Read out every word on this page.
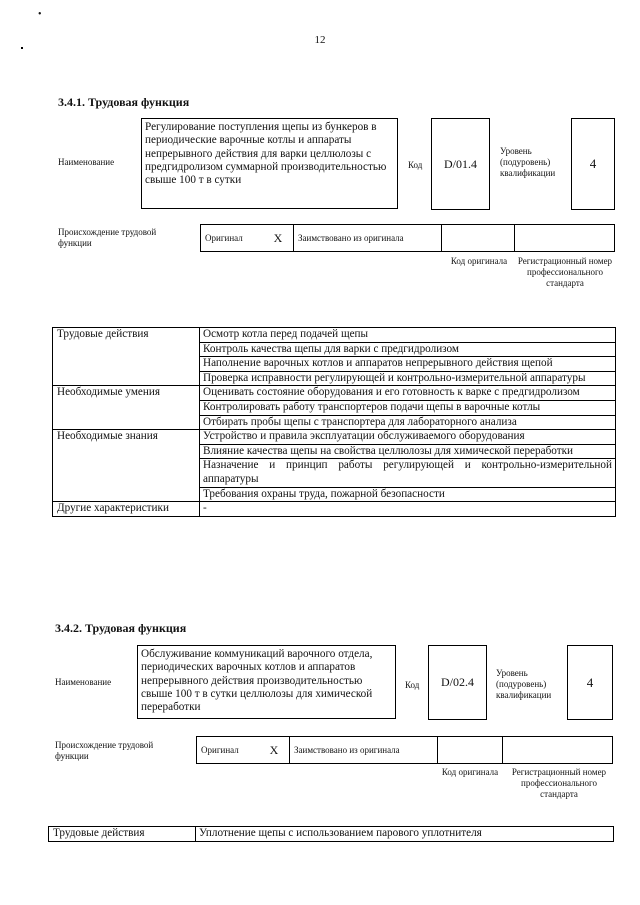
•
12
3.4.1. Трудовая функция
Наименование
Регулирование поступления щепы из бункеров в периодические варочные котлы и аппараты непрерывного действия для варки целлюлозы с предгидролизом суммарной производительностью свыше 100 т в сутки
Код	D/01.4
Уровень (подуровень) квалификации
4
Происхождение трудовой функции	Оригинал	X	Заимствовано из оригинала
Код оригинала	Регистрационный номер профессионального стандарта
Трудовые действия	Осмотр котла перед подачей щепы
	Контроль качества щепы для варки с предгидролизом
	Наполнение варочных котлов и аппаратов непрерывного действия щепой
	Проверка исправности регулирующей и контрольно-измерительной аппаратуры
Необходимые умения	Оценивать состояние оборудования и его готовность к варке с предгидролизом
	Контролировать работу транспортеров подачи щепы в варочные котлы
	Отбирать пробы щепы с транспортера для лабораторного анализа
Необходимые знания	Устройство и правила эксплуатации обслуживаемого оборудования
	Влияние качества щепы на свойства целлюлозы для химической переработки
	Назначение и принцип работы регулирующей и контрольно-измерительной аппаратуры
	Требования охраны труда, пожарной безопасности
Другие характеристики	-
3.4.2. Трудовая функция
Наименование
Обслуживание коммуникаций варочного отдела, периодических варочных котлов и аппаратов непрерывного действия производительностью свыше 100 т в сутки целлюлозы для химической переработки
Код	D/02.4
Уровень (подуровень) квалификации
4
Происхождение трудовой функции
Оригинал	X	Заимствовано из оригинала
Код оригинала	Регистрационный номер профессионального стандарта
Трудовые действия	Уплотнение щепы с использованием парового уплотнителя
